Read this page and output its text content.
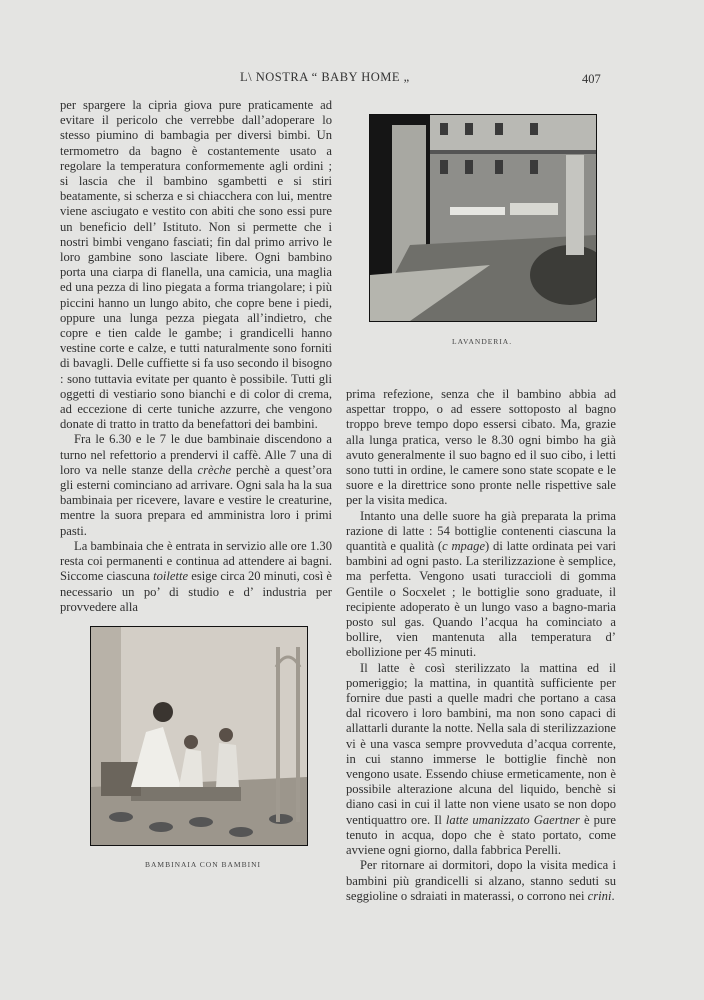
L\ NOSTRA “ BABY HOME „	407

per spargere la cipria giova pure praticamente ad evitare il pericolo che verrebbe dall’adoperare lo stesso piumino di bambagia per diversi bimbi. Un termometro da bagno è costantemente usato a regolare la temperatura conformemente agli ordini ; si lascia che il bambino sgambetti e si stiri beatamente, si scherza e si chiacchera con lui, mentre viene asciugato e vestito con abiti che sono essi pure un beneficio dell’ Istituto. Non si permette che i nostri bimbi vengano fasciati; fin dal primo arrivo le loro gambine sono lasciate libere. Ogni bambino porta una ciarpa di flanella, una camicia, una maglia ed una pezza di lino piegata a forma triangolare; i più piccini hanno un lungo abito, che copre bene i piedi, oppure una lunga pezza piegata all’indietro, che copre e tien calde le gambe; i grandicelli hanno vestine corte e calze, e tutti naturalmente sono forniti di bavagli. Delle cuffiette si fa uso secondo il bisogno : sono tuttavia evitate per quanto è possibile. Tutti gli oggetti di vestiario sono bianchi e di color di crema, ad eccezione di certe tuniche azzurre, che vengono donate di tratto in tratto da benefattori dei bambini.

Fra le 6.30 e le 7 le due bambinaie discendono a turno nel refettorio a prendervi il caffè. Alle 7 una di loro va nelle stanze della crèche perchè a quest’ora gli esterni cominciano ad arrivare. Ogni sala ha la sua bambinaia per ricevere, lavare e vestire le creaturine, mentre la suora prepara ed amministra loro i primi pasti.

La bambinaia che è entrata in servizio alle ore 1.30 resta coi permanenti e continua ad attendere ai bagni. Siccome ciascuna toilette esige circa 20 minuti, così è necessario un po’ di studio e d’ industria per provvedere alla

LAVANDERIA.

prima refezione, senza che il bambino abbia ad aspettar troppo, o ad essere sottoposto al bagno troppo breve tempo dopo essersi cibato. Ma, grazie alla lunga pratica, verso le 8.30 ogni bimbo ha già avuto generalmente il suo bagno ed il suo cibo, i letti sono tutti in ordine, le camere sono state scopate e le suore e la direttrice sono pronte nelle rispettive sale per la visita medica.

Intanto una delle suore ha già preparata la prima razione di latte : 54 bottiglie contenenti ciascuna la quantità e qualità (c mpage) di latte ordinata pei vari bambini ad ogni pasto. La sterilizzazione è semplice, ma perfetta. Vengono usati turaccioli di gomma Gentile o Socxelet ; le bottiglie sono graduate, il recipiente adoperato è un lungo vaso a bagno-maria posto sul gas. Quando l’acqua ha cominciato a bollire, vien mantenuta alla temperatura d’ ebollizione per 45 minuti.

Il latte è così sterilizzato la mattina ed il pomeriggio; la mattina, in quantità sufficiente per fornire due pasti a quelle madri che portano a casa dal ricovero i loro bambini, ma non sono capaci di allattarli durante la notte. Nella sala di sterilizzazione vi è una vasca sempre provveduta d’acqua corrente, in cui stanno immerse le bottiglie finchè non vengono usate. Essendo chiuse ermeticamente, non è possibile alterazione alcuna del liquido, benchè si diano casi in cui il latte non viene usato se non dopo ventiquattro ore. Il latte umanizzato Gaertner è pure tenuto in acqua, dopo che è stato portato, come avviene ogni giorno, dalla fabbrica Perelli.

Per ritornare ai dormitori, dopo la visita medica i bambini più grandicelli si alzano, stanno seduti su seggioline o sdraiati in materassi, o corrono nei crini.

BAMBINAIA CON BAMBINI
